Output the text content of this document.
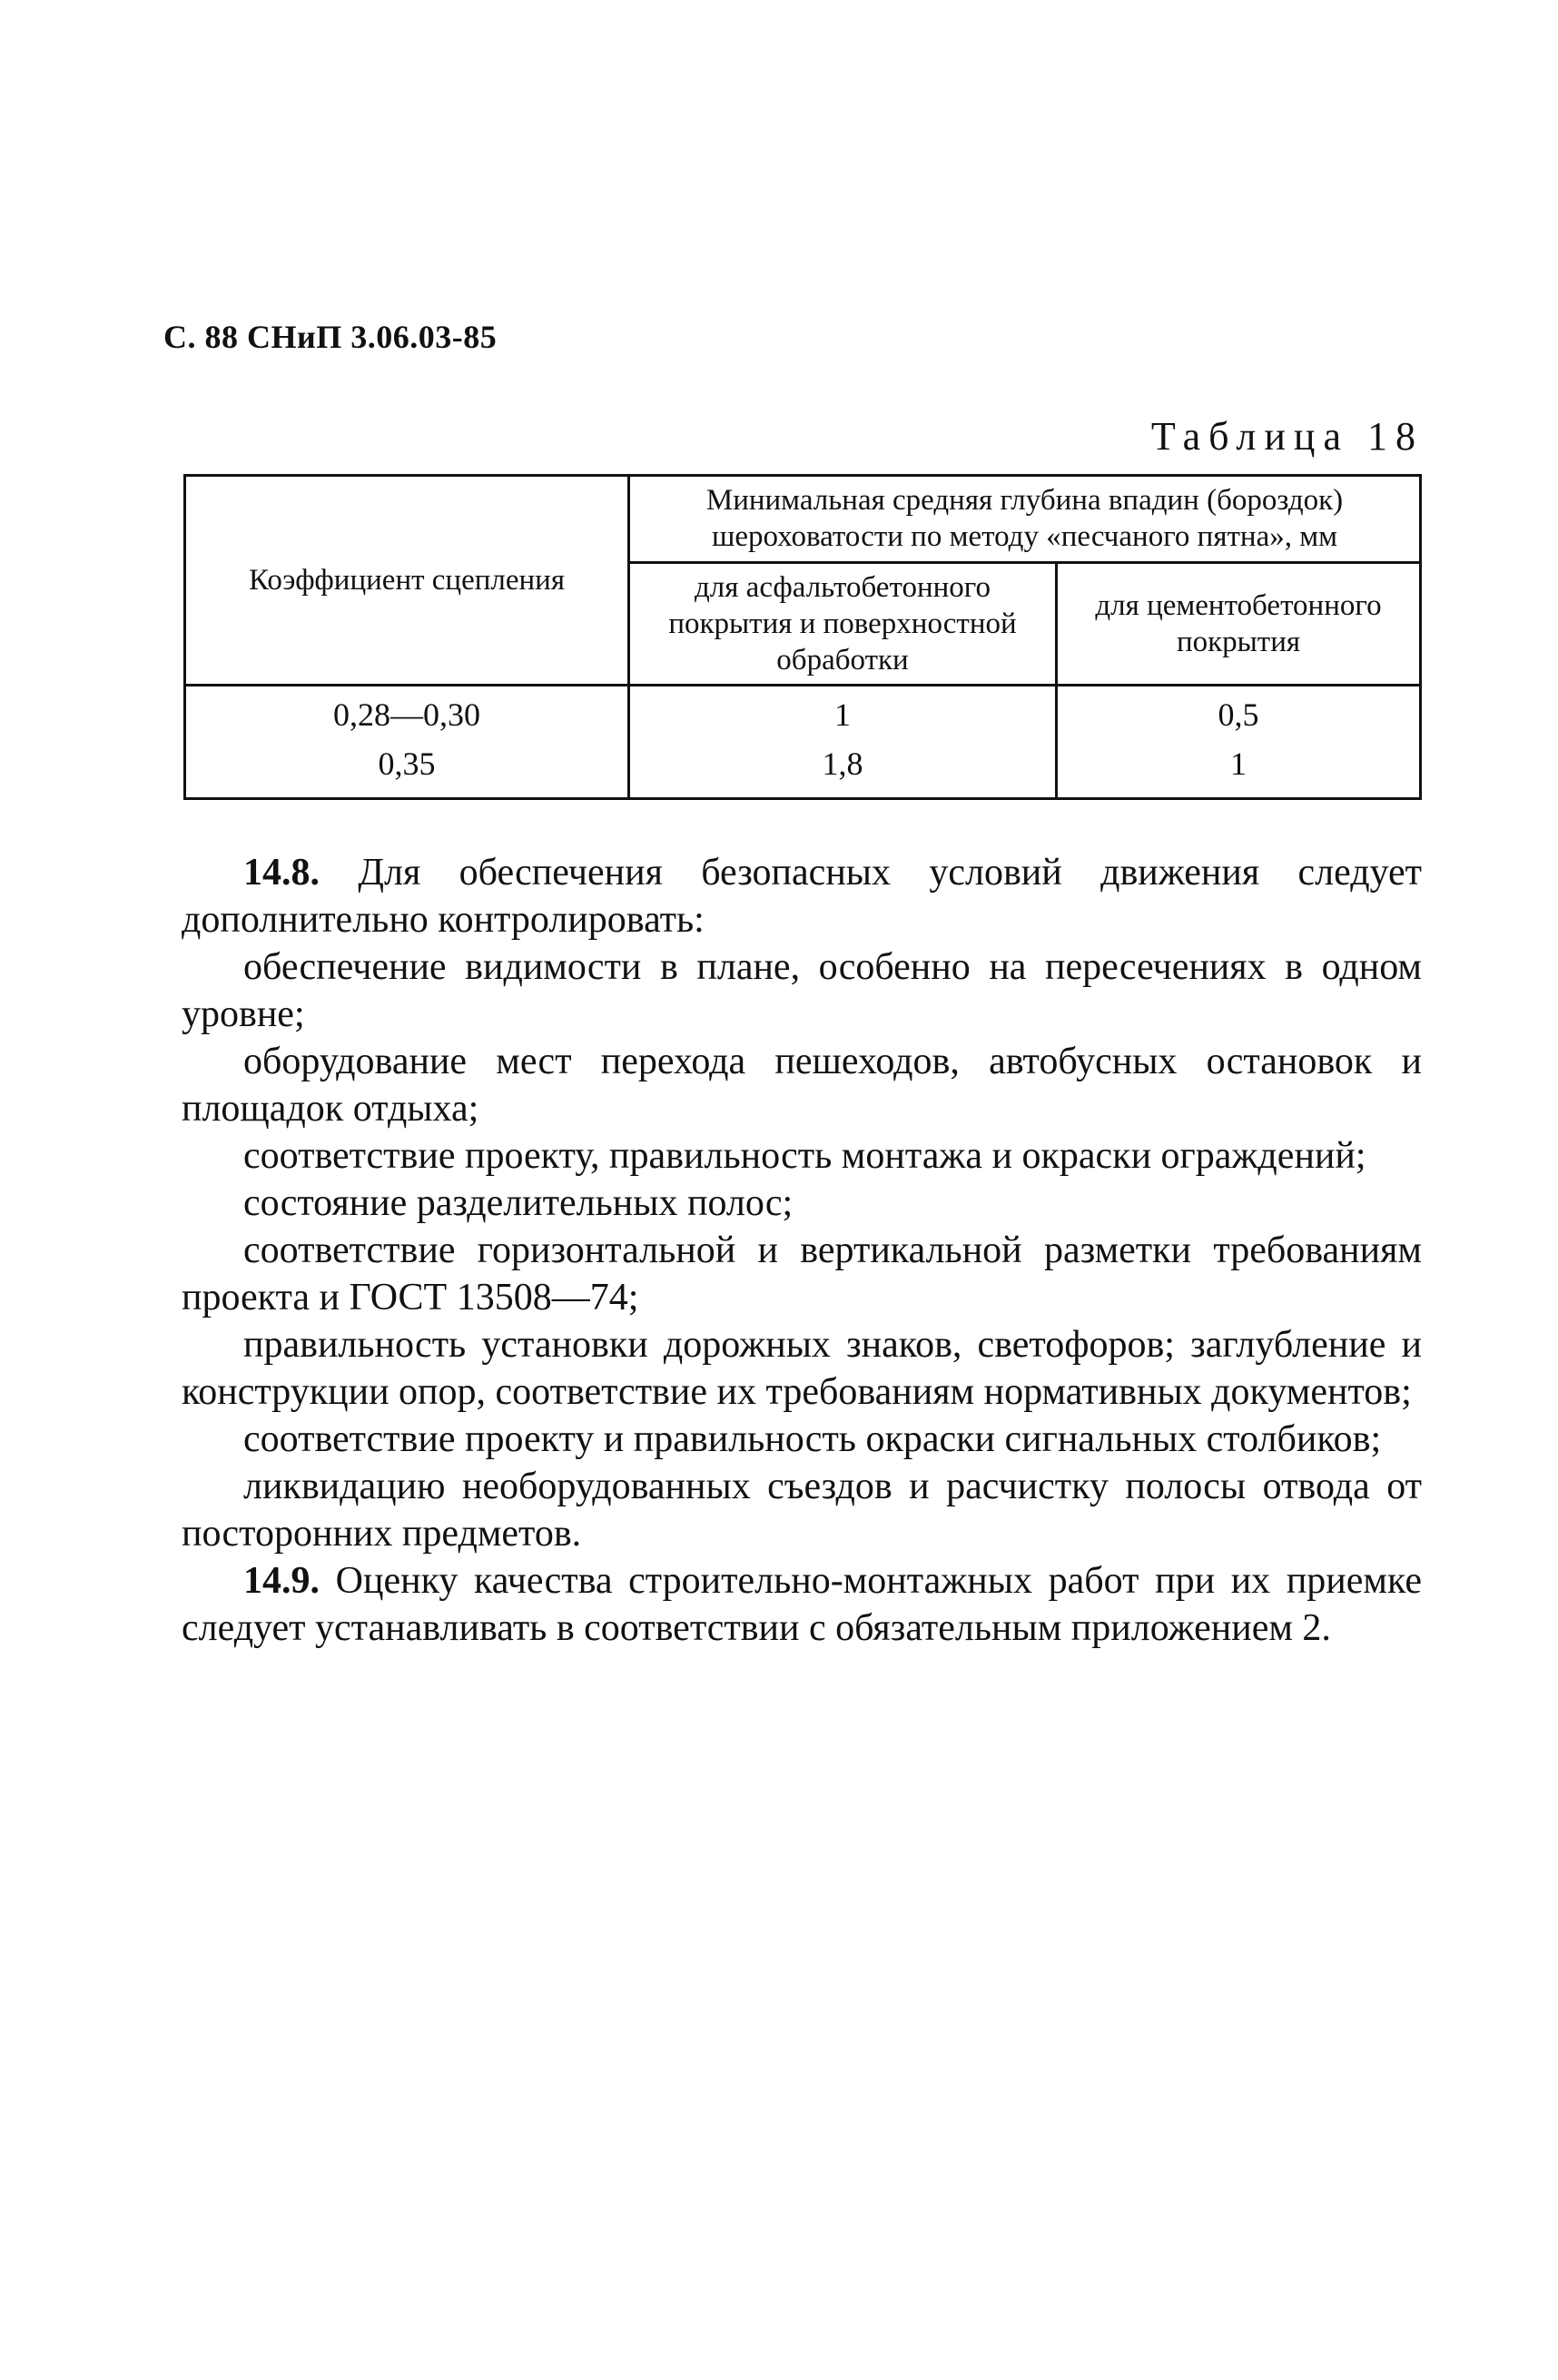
С. 88 СНиП 3.06.03-85
Таблица 18
Коэффициент сцепления	Минимальная средняя глубина впадин (бороздок) шероховатости по методу «песчаного пятна», мм	
	для асфальтобетонного покрытия и поверхностной обработки	для цементобетонного покрытия
0,28—0,30	1	0,5
0,35	1,8	1

14.8. Для обеспечения безопасных условий движения следует дополнительно контролировать:

обеспечение видимости в плане, особенно на пересечениях в одном уровне;

оборудование мест перехода пешеходов, автобусных остановок и площадок отдыха;

соответствие проекту, правильность монтажа и окраски ограждений;

состояние разделительных полос;

соответствие горизонтальной и вертикальной разметки требованиям проекта и ГОСТ 13508—74;

правильность установки дорожных знаков, светофоров; заглубление и конструкции опор, соответствие их требованиям нормативных документов;

соответствие проекту и правильность окраски сигнальных столбиков;

ликвидацию необорудованных съездов и расчистку полосы отвода от посторонних предметов.

14.9. Оценку качества строительно-монтажных работ при их приемке следует устанавливать в соответствии с обязательным приложением 2.
